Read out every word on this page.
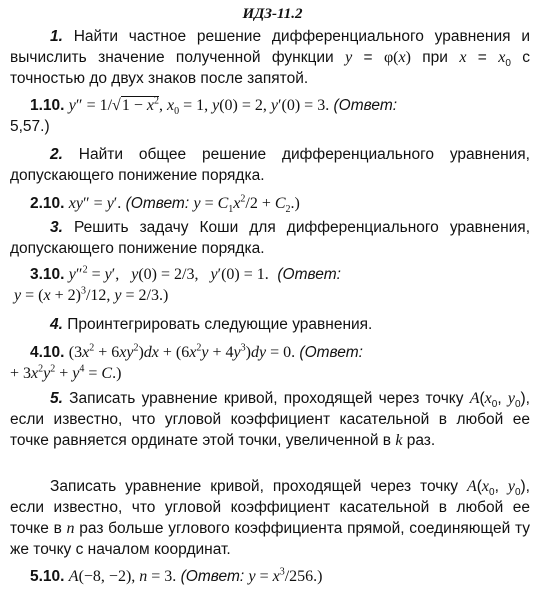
ИДЗ-11.2
1. Найти частное решение дифференциального уравнения и вычислить значение полученной функции y = φ(x) при $x = x_0$ с точностью до двух знаков после запятой.
1.10. $y'' = 1/√1 - x^2$, $x_0 = 1$, y(0) = 2, y′(0) = 3. (Ответ:
5,57.)
2. Найти общее решение дифференциального уравнения, допускающего понижение порядка.
2.10. xy″ = y′. (Ответ: $y = C_1x^2/2 + C_2$.)
3. Решить задачу Коши для дифференциального уравнения, допускающего понижение порядка.
3.10. y″$^2$ = y′,   y(0) = 2/3,   y′(0) = 1. (Ответ:
$y = (x + 2)^3/12$, y = 2/3.)
4. Проинтегрировать следующие уравнения.
4.10. $(3x^2 + 6xy^2)dx + (6x^2y + 4y^3)dy = 0$. (Ответ:
+ $3x^2y^2 + y^4 = C$.)
5. Записать уравнение кривой, проходящей через точку $A(x_0$, $y_0$), если известно, что угловой коэффициент касательной в любой ее точке равняется ординате этой точки, увеличенной в k раз.
Записать уравнение кривой, проходящей через точку $A(x_0$, $y_0$), если известно, что угловой коэффициент касательной в любой ее точке в n раз больше углового коэффициента прямой, соединяющей ту же точку с началом координат.
5.10. A(−8, −2), n = 3. (Ответ: $y = x^3/256$.)
